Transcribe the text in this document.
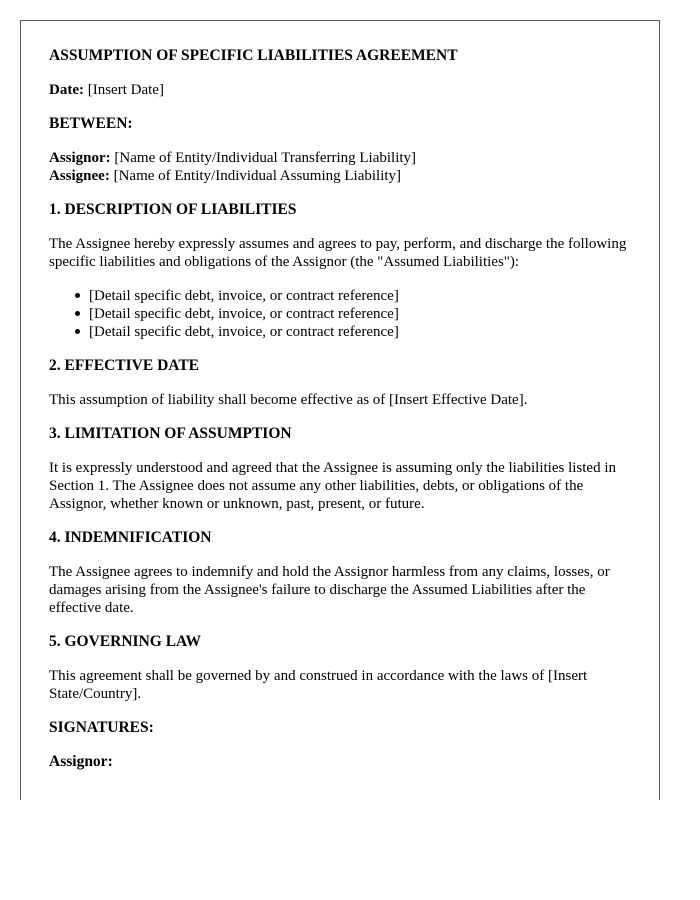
ASSUMPTION OF SPECIFIC LIABILITIES AGREEMENT

Date: [Insert Date]

BETWEEN:

Assignor: [Name of Entity/Individual Transferring Liability]
Assignee: [Name of Entity/Individual Assuming Liability]

1. DESCRIPTION OF LIABILITIES

The Assignee hereby expressly assumes and agrees to pay, perform, and discharge the following specific liabilities and obligations of the Assignor (the "Assumed Liabilities"):

[Detail specific debt, invoice, or contract reference]
[Detail specific debt, invoice, or contract reference]
[Detail specific debt, invoice, or contract reference]
2. EFFECTIVE DATE

This assumption of liability shall become effective as of [Insert Effective Date].

3. LIMITATION OF ASSUMPTION

It is expressly understood and agreed that the Assignee is assuming only the liabilities listed in Section 1. The Assignee does not assume any other liabilities, debts, or obligations of the Assignor, whether known or unknown, past, present, or future.

4. INDEMNIFICATION

The Assignee agrees to indemnify and hold the Assignor harmless from any claims, losses, or damages arising from the Assignee's failure to discharge the Assumed Liabilities after the effective date.

5. GOVERNING LAW

This agreement shall be governed by and construed in accordance with the laws of [Insert State/Country].

SIGNATURES:
Assignor:
